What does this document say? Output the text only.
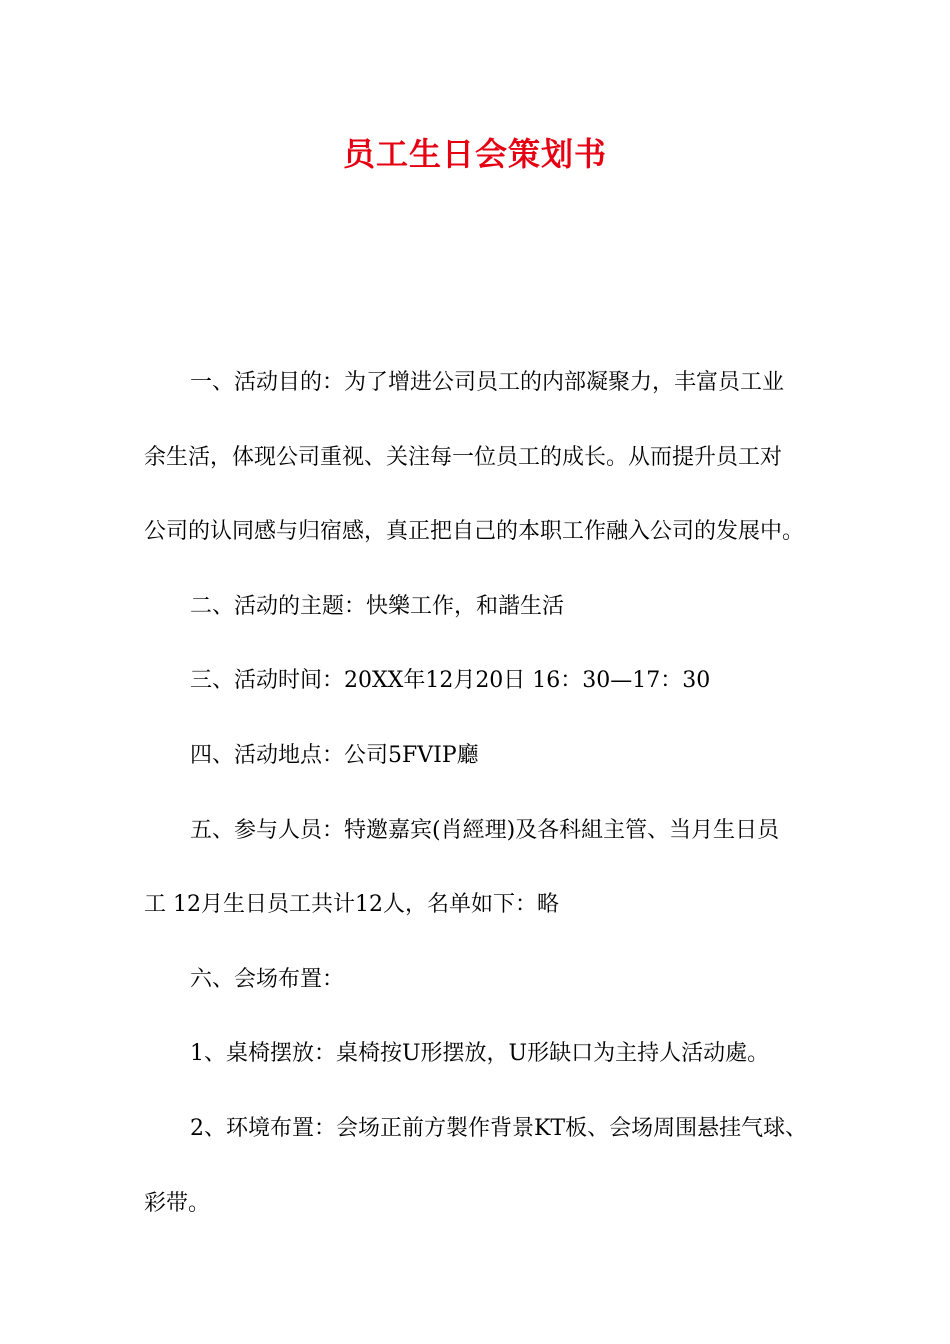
员工生日会策划书
一、活动目的：为了增进公司员工的内部凝聚力，丰富员工业
余生活，体现公司重视、关注每一位员工的成长。从而提升员工对
公司的认同感与归宿感，真正把自己的本职工作融入公司的发展中。
二、活动的主题：快樂工作，和諧生活
三、活动时间：20XX年12月20日 16：30—17：30
四、活动地点：公司5FVIP廳
五、参与人员：特邀嘉宾(肖經理)及各科組主管、当月生日员
工 12月生日员工共计12人，名单如下：略
六、会场布置：
1、桌椅摆放：桌椅按U形摆放，U形缺口为主持人活动處。
2、环境布置：会场正前方製作背景KT板、会场周围悬挂气球、
彩带。
